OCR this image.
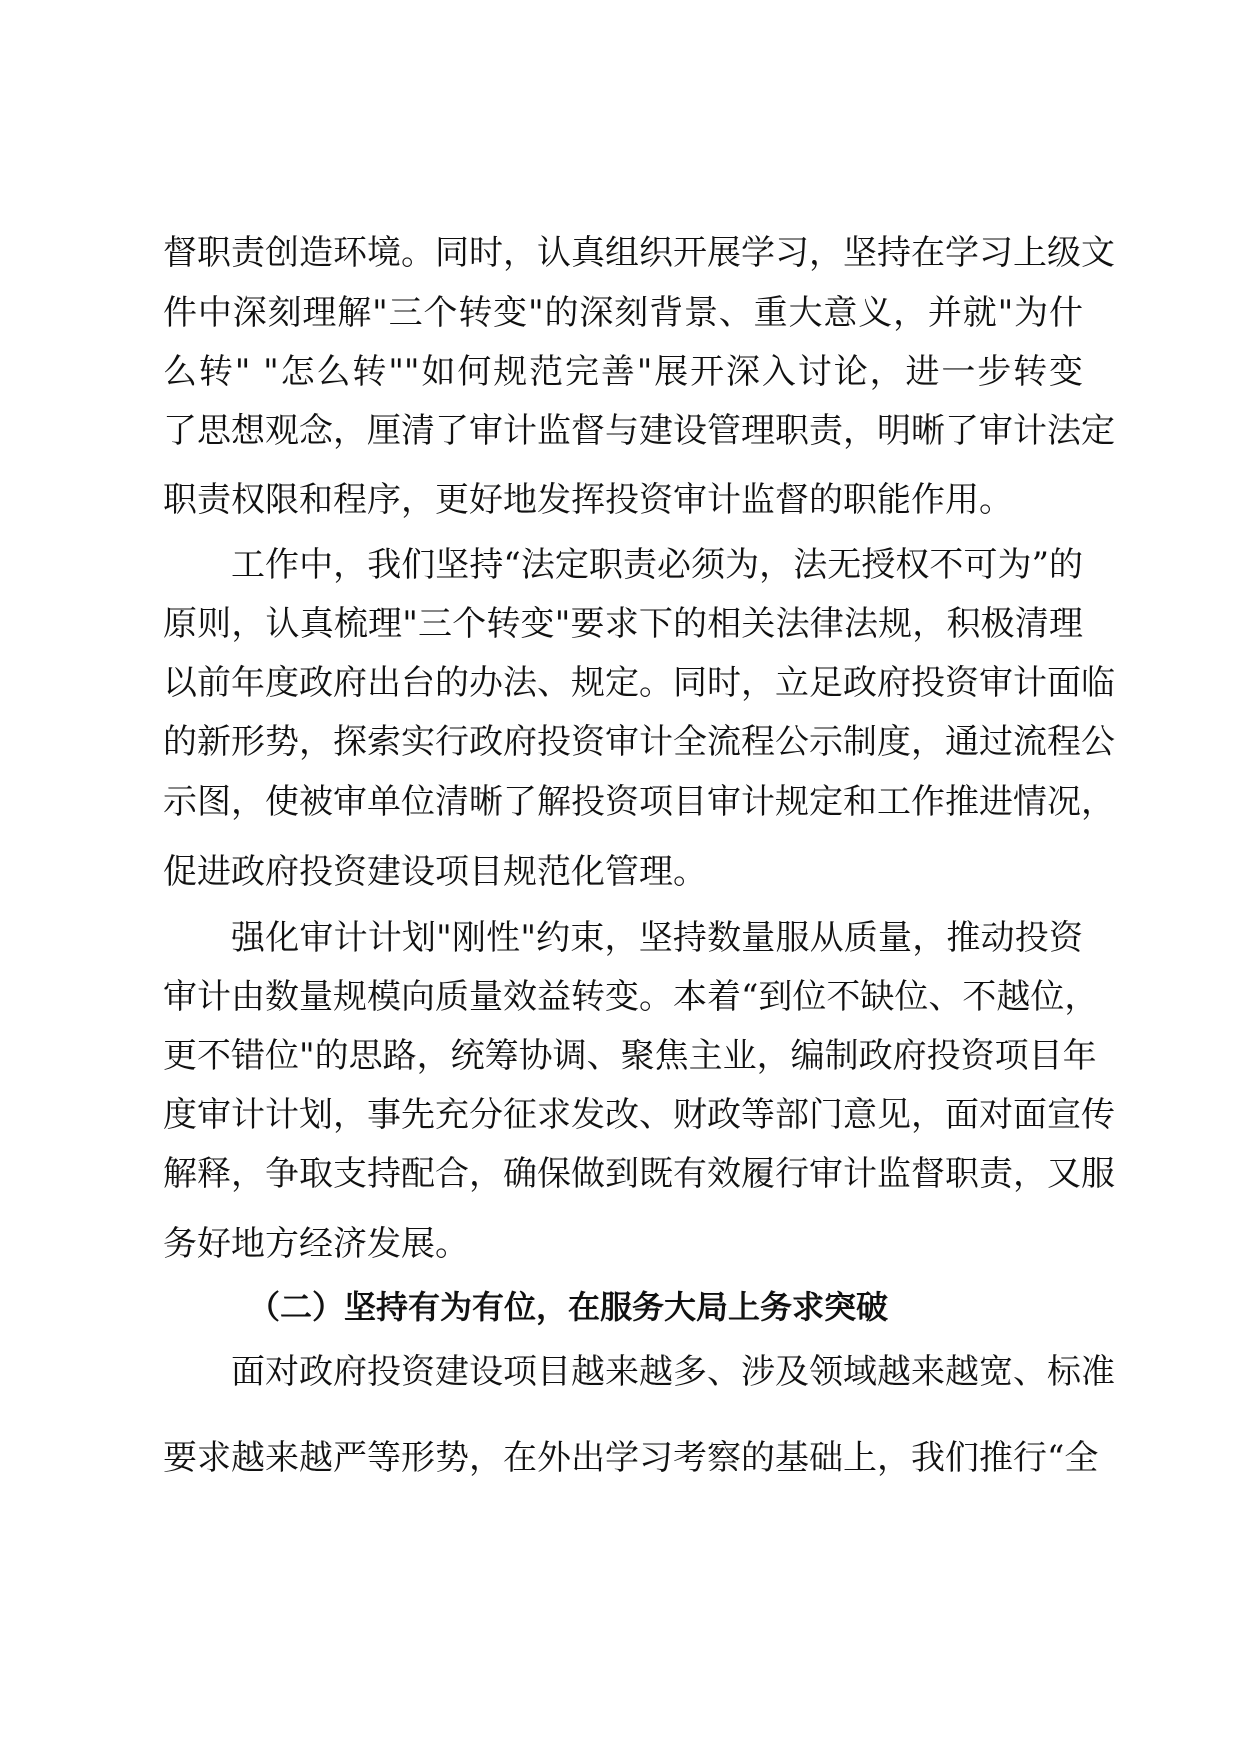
督职责创造环境。同时，认真组织开展学习，坚持在学习上级文
件中深刻理解"三个转变"的深刻背景、重大意义，并就"为什
么转" "怎么转""如何规范完善"展开深入讨论，进一步转变
了思想观念，厘清了审计监督与建设管理职责，明晰了审计法定
职责权限和程序，更好地发挥投资审计监督的职能作用。
工作中，我们坚持“法定职责必须为，法无授权不可为”的
原则，认真梳理"三个转变"要求下的相关法律法规，积极清理
以前年度政府出台的办法、规定。同时，立足政府投资审计面临
的新形势，探索实行政府投资审计全流程公示制度，通过流程公
示图，使被审单位清晰了解投资项目审计规定和工作推进情况，
促进政府投资建设项目规范化管理。
强化审计计划"刚性"约束，坚持数量服从质量，推动投资
审计由数量规模向质量效益转变。本着“到位不缺位、不越位，
更不错位"的思路，统筹协调、聚焦主业，编制政府投资项目年
度审计计划，事先充分征求发改、财政等部门意见，面对面宣传
解释，争取支持配合，确保做到既有效履行审计监督职责，又服
务好地方经济发展。
（二）坚持有为有位，在服务大局上务求突破
面对政府投资建设项目越来越多、涉及领域越来越宽、标准
要求越来越严等形势，在外出学习考察的基础上，我们推行“全
